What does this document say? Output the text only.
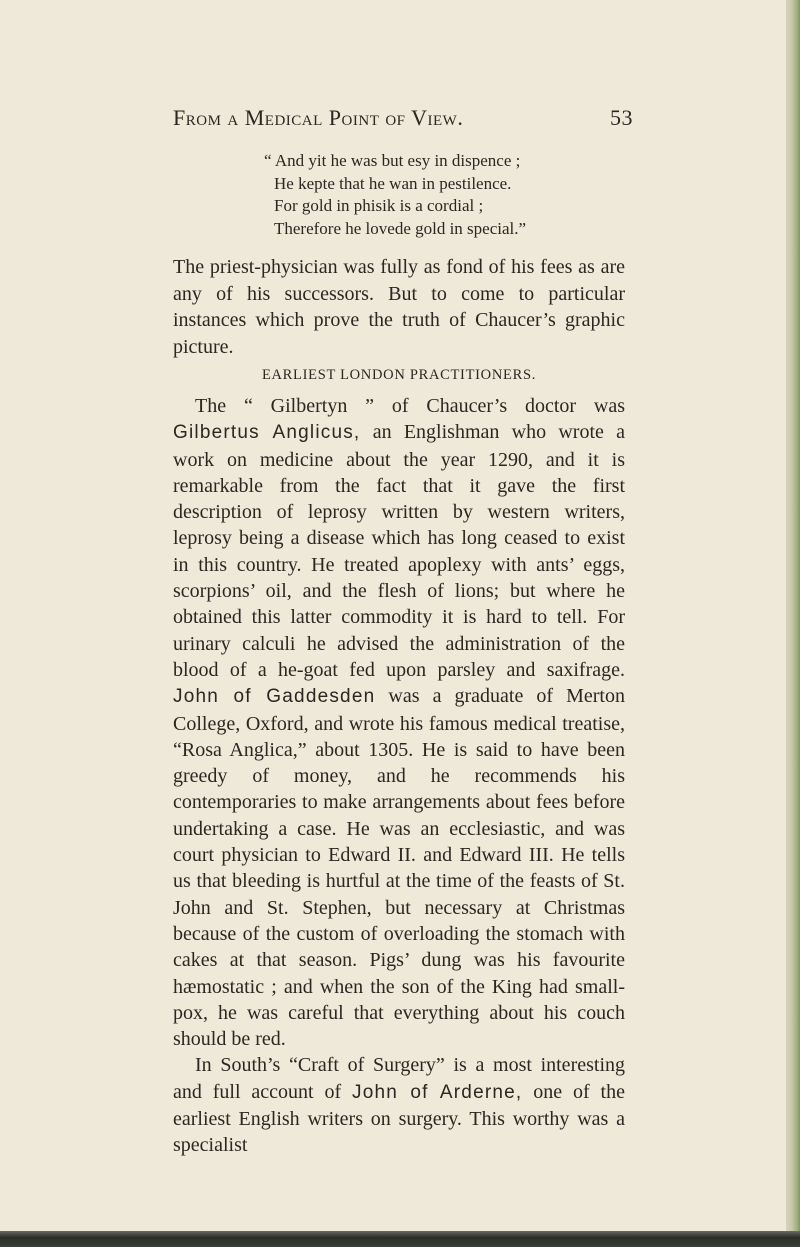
From a Medical Point of View.	53
“ And yit he was but esy in dispence ;
He kepte that he wan in pestilence.
For gold in phisik is a cordial ;
Therefore he lovede gold in special.”

The priest-physician was fully as fond of his fees as are any of his successors. But to come to particular instances which prove the truth of Chaucer’s graphic picture.

EARLIEST LONDON PRACTITIONERS.

The “ Gilbertyn ” of Chaucer’s doctor was Gilbertus Anglicus, an Englishman who wrote a work on medicine about the year 1290, and it is remarkable from the fact that it gave the first description of leprosy written by western writers, leprosy being a disease which has long ceased to exist in this country. He treated apoplexy with ants’ eggs, scorpions’ oil, and the flesh of lions; but where he obtained this latter commodity it is hard to tell. For urinary calculi he advised the administration of the blood of a he-goat fed upon parsley and saxifrage. John of Gaddesden was a graduate of Merton College, Oxford, and wrote his famous medical treatise, “Rosa Anglica,” about 1305. He is said to have been greedy of money, and he recommends his contemporaries to make arrangements about fees before undertaking a case. He was an ecclesiastic, and was court physician to Edward II. and Edward III. He tells us that bleeding is hurtful at the time of the feasts of St. John and St. Stephen, but necessary at Christmas because of the custom of overloading the stomach with cakes at that season. Pigs’ dung was his favourite hæmostatic ; and when the son of the King had small-pox, he was careful that everything about his couch should be red.

In South’s “Craft of Surgery” is a most interesting and full account of John of Arderne, one of the earliest English writers on surgery. This worthy was a specialist
